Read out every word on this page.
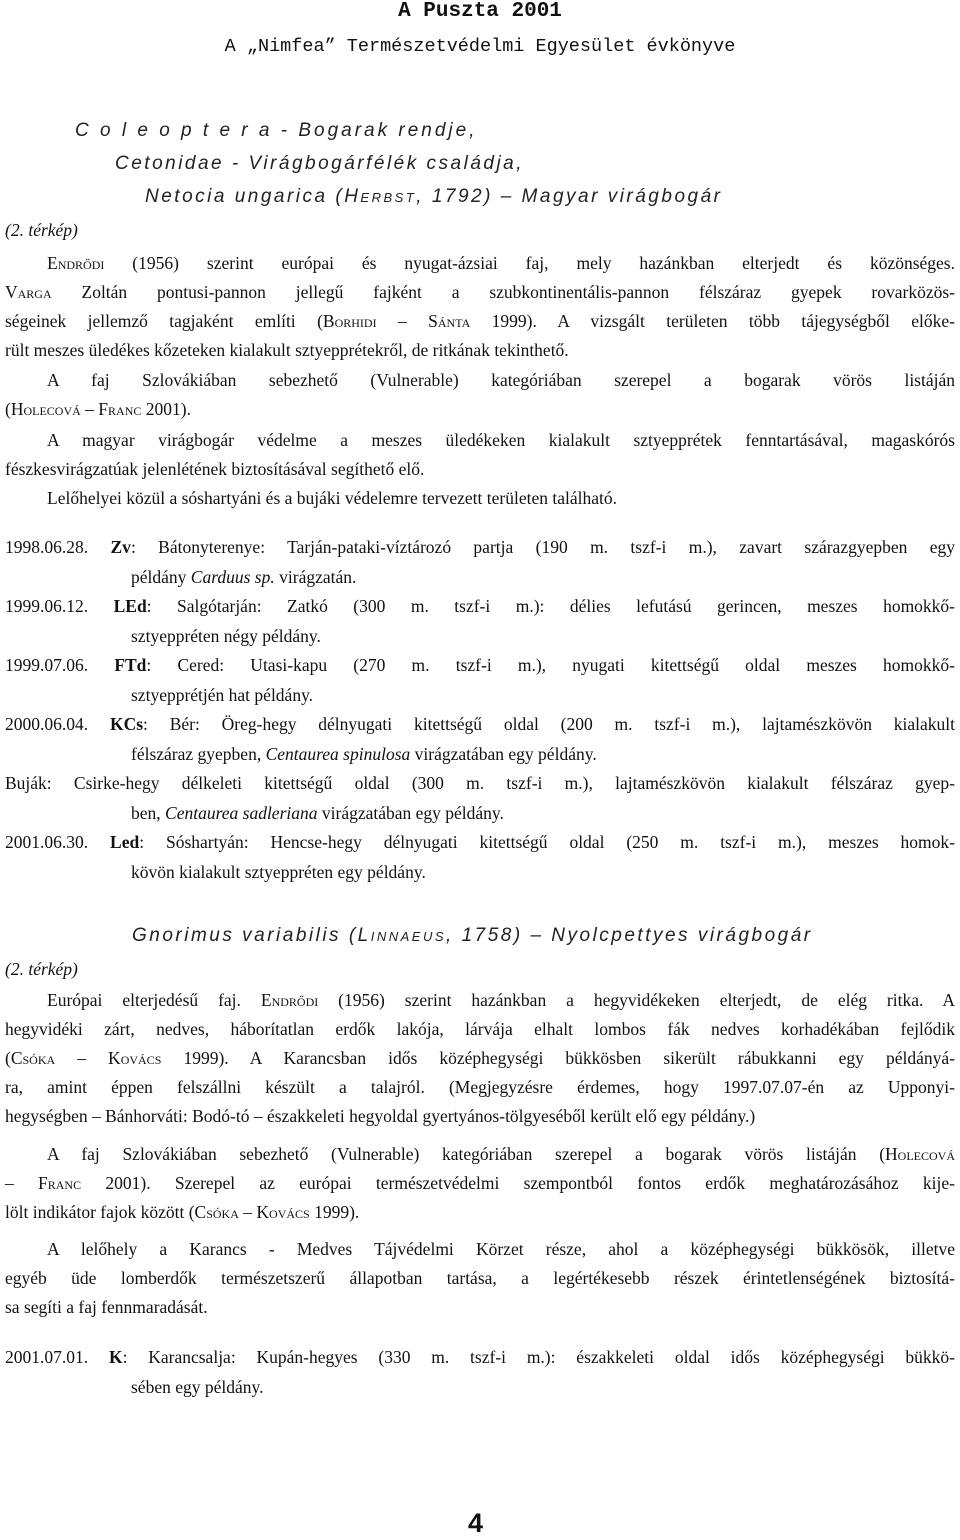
A Puszta 2001
A „Nimfea” Természetvédelmi Egyesület évkönyve
C o l e o p t e r a - Bogarak rendje,
Cetonidae - Virágbogárfélék családja,
Netocia ungarica (Herbst, 1792) – Magyar virágbogár
(2. térkép)
Endrődi (1956) szerint európai és nyugat-ázsiai faj, mely hazánkban elterjedt és közönséges.
Varga Zoltán pontusi-pannon jellegű fajként a szubkontinentális-pannon félszáraz gyepek rovarközös-
ségeinek jellemző tagjaként említi (Borhidi – Sánta 1999). A vizsgált területen több tájegységből előke-
rült meszes üledékes kőzeteken kialakult sztyepprétekről, de ritkának tekinthető.
A faj Szlovákiában sebezhető (Vulnerable) kategóriában szerepel a bogarak vörös listáján
(Holecová – Franc 2001).
A magyar virágbogár védelme a meszes üledékeken kialakult sztyepprétek fenntartásával, magaskórós
fészkesvirágzatúak jelenlétének biztosításával segíthető elő.
Lelőhelyei közül a sóshartyáni és a bujáki védelemre tervezett területen található.
1998.06.28. Zv: Bátonyterenye: Tarján-pataki-víztározó partja (190 m. tszf-i m.), zavart szárazgyepben egy
példány Carduus sp. virágzatán.
1999.06.12. LEd: Salgótarján: Zatkó (300 m. tszf-i m.): délies lefutású gerincen, meszes homokkő-
sztyeppréten négy példány.
1999.07.06. FTd: Cered: Utasi-kapu (270 m. tszf-i m.), nyugati kitettségű oldal meszes homokkő-
sztyepprétjén hat példány.
2000.06.04. KCs: Bér: Öreg-hegy délnyugati kitettségű oldal (200 m. tszf-i m.), lajtamészkövön kialakult
félszáraz gyepben, Centaurea spinulosa virágzatában egy példány.
Buják: Csirke-hegy délkeleti kitettségű oldal (300 m. tszf-i m.), lajtamészkövön kialakult félszáraz gyep-
ben, Centaurea sadleriana virágzatában egy példány.
2001.06.30. Led: Sóshartyán: Hencse-hegy délnyugati kitettségű oldal (250 m. tszf-i m.), meszes homok-
kövön kialakult sztyeppréten egy példány.
Gnorimus variabilis (Linnaeus, 1758) – Nyolcpettyes virágbogár
(2. térkép)
Európai elterjedésű faj. Endrődi (1956) szerint hazánkban a hegyvidékeken elterjedt, de elég ritka. A
hegyvidéki zárt, nedves, háborítatlan erdők lakója, lárvája elhalt lombos fák nedves korhadékában fejlődik
(Csóka – Kovács 1999). A Karancsban idős középhegységi bükkösben sikerült rábukkanni egy példányá-
ra, amint éppen felszállni készült a talajról. (Megjegyzésre érdemes, hogy 1997.07.07-én az Upponyi-
hegységben – Bánhorváti: Bodó-tó – északkeleti hegyoldal gyertyános-tölgyeséből került elő egy példány.)
A faj Szlovákiában sebezhető (Vulnerable) kategóriában szerepel a bogarak vörös listáján (Holecová
– Franc 2001). Szerepel az európai természetvédelmi szempontból fontos erdők meghatározásához kije-
lölt indikátor fajok között (Csóka – Kovács 1999).
A lelőhely a Karancs - Medves Tájvédelmi Körzet része, ahol a középhegységi bükkösök, illetve
egyéb üde lomberdők természetszerű állapotban tartása, a legértékesebb részek érintetlenségének biztosítá-
sa segíti a faj fennmaradását.
2001.07.01. K: Karancsalja: Kupán-hegyes (330 m. tszf-i m.): északkeleti oldal idős középhegységi bükkö-
sében egy példány.
4
